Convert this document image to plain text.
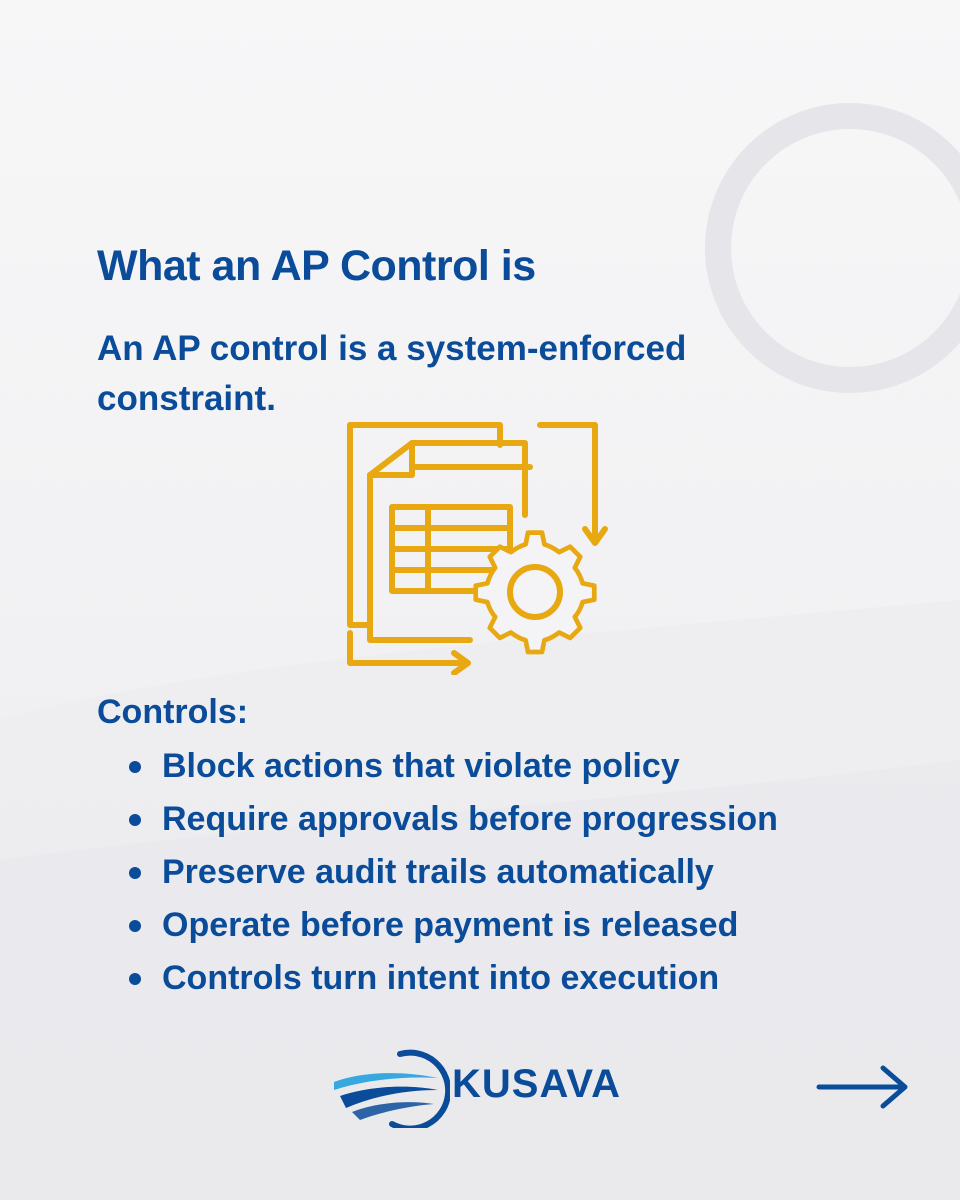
What an AP Control is

An AP control is a system-enforced constraint.

Controls:

Block actions that violate policy
Require approvals before progression
Preserve audit trails automatically
Operate before payment is released
Controls turn intent into execution
KUSAVA
